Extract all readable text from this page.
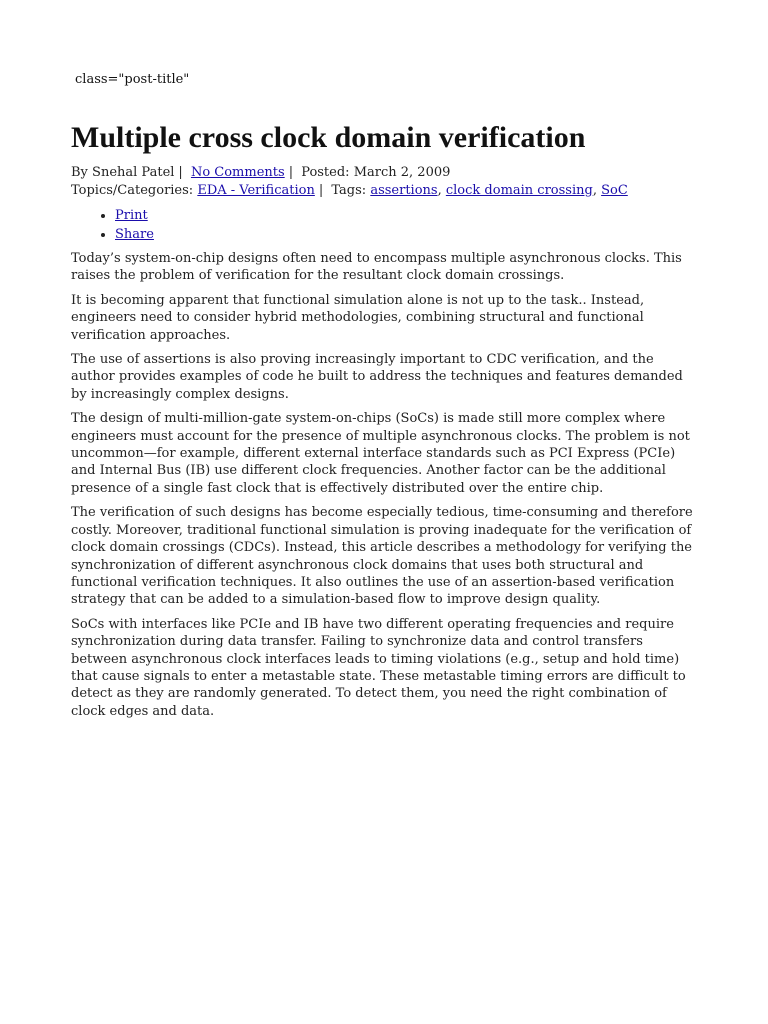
class="post-title"
Multiple cross clock domain verification
By Snehal Patel | No Comments | Posted: March 2, 2009
Topics/Categories: EDA - Verification | Tags: assertions, clock domain crossing, SoC
• Print
• Share

Today’s system-on-chip designs often need to encompass multiple asynchronous clocks. This raises the problem of verification for the resultant clock domain crossings.

It is becoming apparent that functional simulation alone is not up to the task.. Instead, engineers need to consider hybrid methodologies, combining structural and functional verification approaches.

The use of assertions is also proving increasingly important to CDC verification, and the author provides examples of code he built to address the techniques and features demanded by increasingly complex designs.

The design of multi-million-gate system-on-chips (SoCs) is made still more complex where engineers must account for the presence of multiple asynchronous clocks. The problem is not uncommon—for example, different external interface standards such as PCI Express (PCIe) and Internal Bus (IB) use different clock frequencies. Another factor can be the additional presence of a single fast clock that is effectively distributed over the entire chip.

The verification of such designs has become especially tedious, time-consuming and therefore costly. Moreover, traditional functional simulation is proving inadequate for the verification of clock domain crossings (CDCs). Instead, this article describes a methodology for verifying the synchronization of different asynchronous clock domains that uses both structural and functional verification techniques. It also outlines the use of an assertion-based verification strategy that can be added to a simulation-based flow to improve design quality.

SoCs with interfaces like PCIe and IB have two different operating frequencies and require synchronization during data transfer. Failing to synchronize data and control transfers between asynchronous clock interfaces leads to timing violations (e.g., setup and hold time) that cause signals to enter a metastable state. These metastable timing errors are difficult to detect as they are randomly generated. To detect them, you need the right combination of clock edges and data.
